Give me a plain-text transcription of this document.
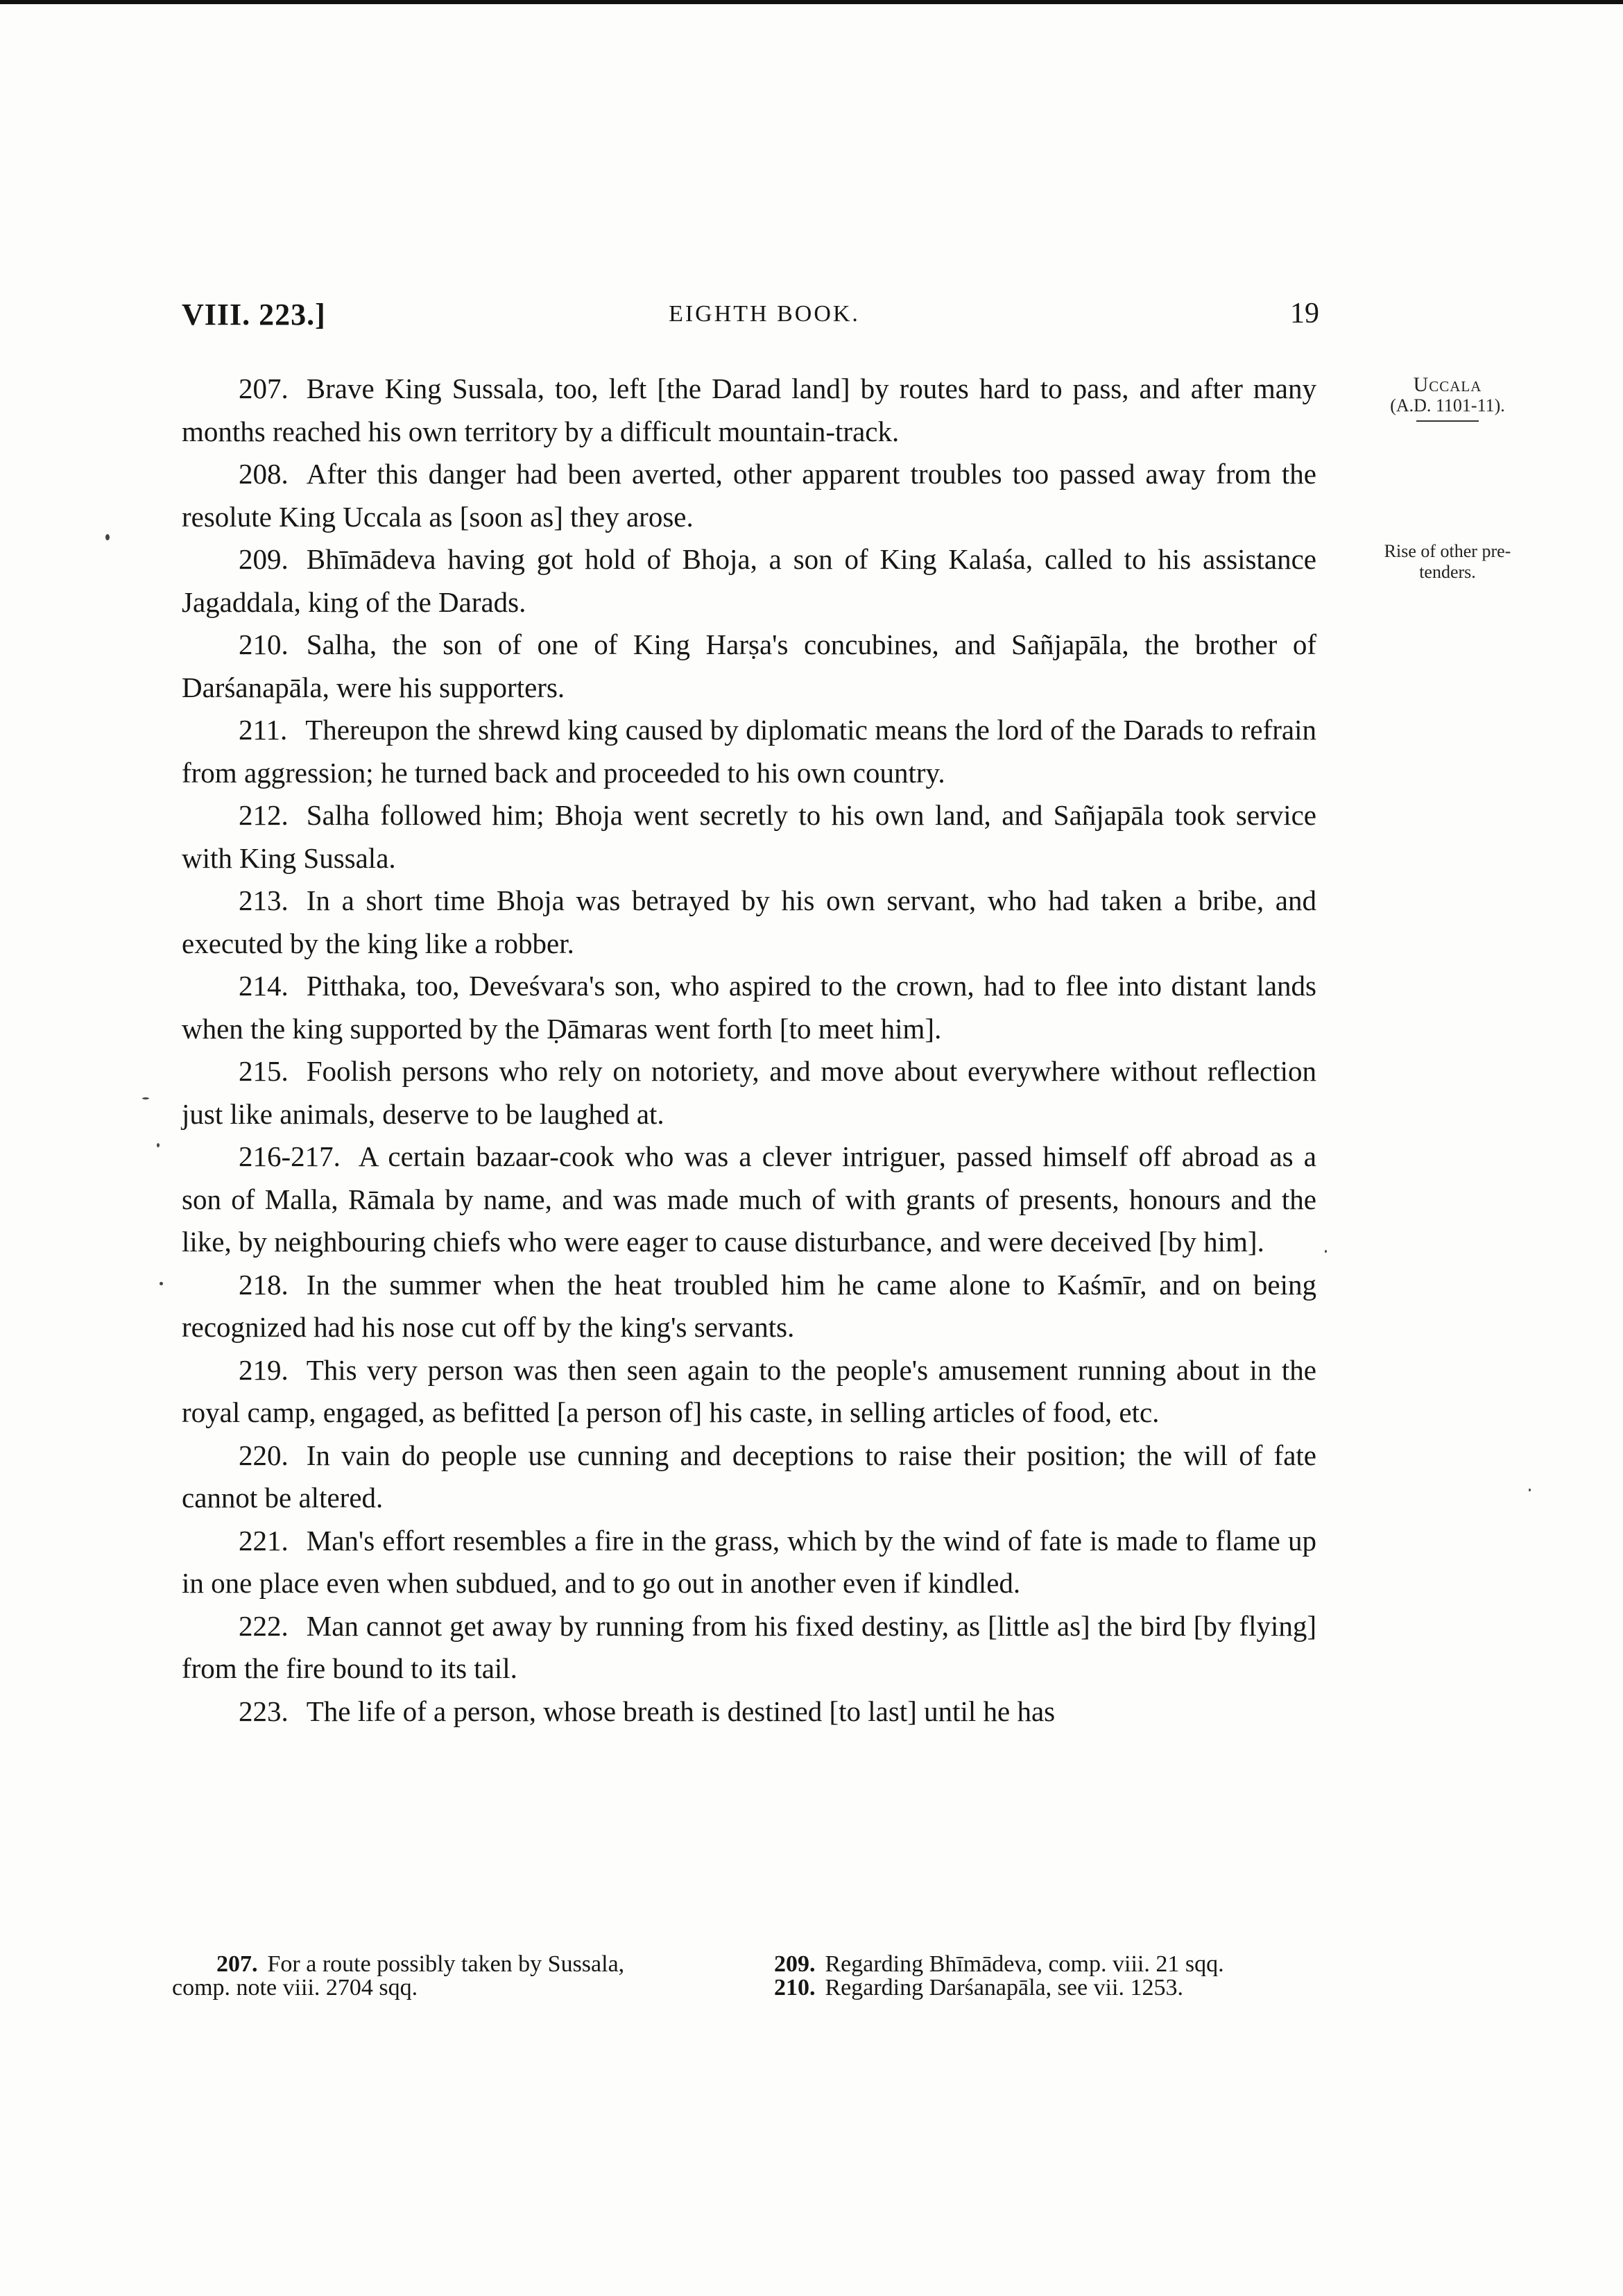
VIII. 223.]	EIGHTH BOOK.	19
Uccala
(A.D. 1101-11).
Rise of other pre-
tenders.

207. Brave King Sussala, too, left [the Darad land] by routes hard to pass, and after many months reached his own territory by a difficult mountain-track.

208. After this danger had been averted, other apparent troubles too passed away from the resolute King Uccala as [soon as] they arose.

209. Bhīmādeva having got hold of Bhoja, a son of King Kalaśa, called to his assistance Jagaddala, king of the Darads.

210. Salha, the son of one of King Harṣa's concubines, and Sañjapāla, the brother of Darśanapāla, were his supporters.

211. Thereupon the shrewd king caused by diplomatic means the lord of the Darads to refrain from aggression; he turned back and proceeded to his own country.

212. Salha followed him; Bhoja went secretly to his own land, and Sañjapāla took service with King Sussala.

213. In a short time Bhoja was betrayed by his own servant, who had taken a bribe, and executed by the king like a robber.

214. Pitthaka, too, Deveśvara's son, who aspired to the crown, had to flee into distant lands when the king supported by the Ḍāmaras went forth [to meet him].

215. Foolish persons who rely on notoriety, and move about everywhere without reflection just like animals, deserve to be laughed at.

216-217. A certain bazaar-cook who was a clever intriguer, passed himself off abroad as a son of Malla, Rāmala by name, and was made much of with grants of presents, honours and the like, by neighbouring chiefs who were eager to cause disturbance, and were deceived [by him].

218. In the summer when the heat troubled him he came alone to Kaśmīr, and on being recognized had his nose cut off by the king's servants.

219. This very person was then seen again to the people's amusement running about in the royal camp, engaged, as befitted [a person of] his caste, in selling articles of food, etc.

220. In vain do people use cunning and deceptions to raise their position; the will of fate cannot be altered.

221. Man's effort resembles a fire in the grass, which by the wind of fate is made to flame up in one place even when subdued, and to go out in another even if kindled.

222. Man cannot get away by running from his fixed destiny, as [little as] the bird [by flying] from the fire bound to its tail.

223. The life of a person, whose breath is destined [to last] until he has

207. For a route possibly taken by Sussala,
comp. note viii. 2704 sqq.
209. Regarding Bhīmādeva, comp. viii. 21 sqq.
210. Regarding Darśanapāla, see vii. 1253.
